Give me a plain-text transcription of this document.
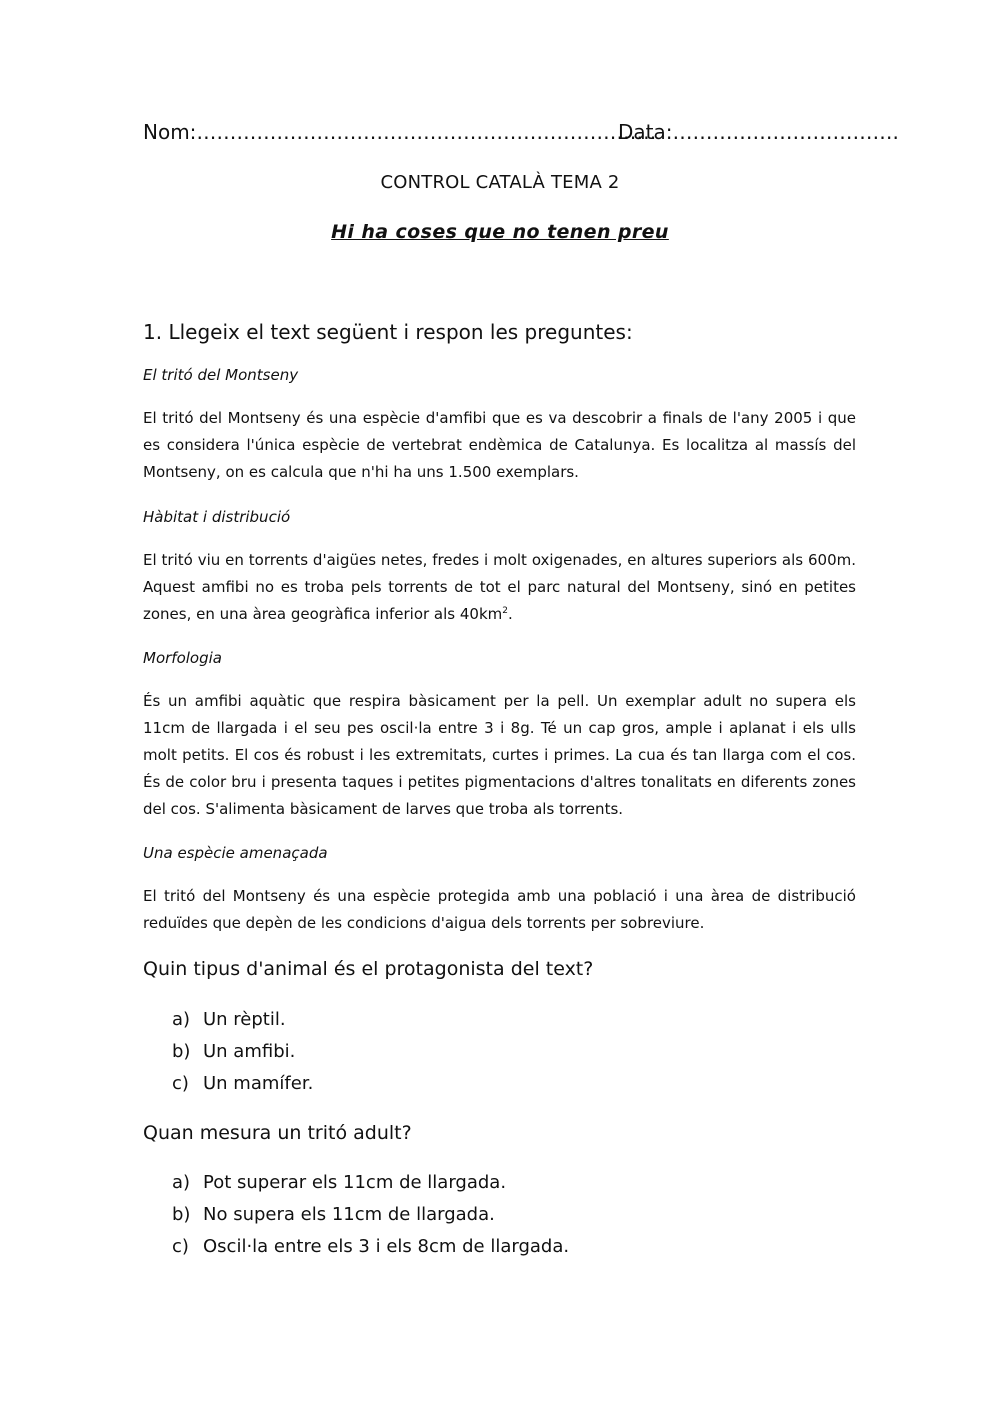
Nom:……………………………………………………………
Data:…………………………….
CONTROL CATALÀ TEMA 2
Hi ha coses que no tenen preu
1. Llegeix el text següent i respon les preguntes:
El tritó del Montseny
El tritó del Montseny és una espècie d'amfibi que es va descobrir a finals de l'any 2005 i que es considera l'única espècie de vertebrat endèmica de Catalunya. Es localitza al massís del Montseny, on es calcula que n'hi ha uns 1.500 exemplars.
Hàbitat i distribució
El tritó viu en torrents d'aigües netes, fredes i molt oxigenades, en altures superiors als 600m. Aquest amfibi no es troba pels torrents de tot el parc natural del Montseny, sinó en petites zones, en una àrea geogràfica inferior als $40km^2$.
Morfologia
És un amfibi aquàtic que respira bàsicament per la pell. Un exemplar adult no supera els 11cm de llargada i el seu pes oscil·la entre 3 i 8g. Té un cap gros, ample i aplanat i els ulls molt petits. El cos és robust i les extremitats, curtes i primes. La cua és tan llarga com el cos. És de color bru i presenta taques i petites pigmentacions d'altres tonalitats en diferents zones del cos. S'alimenta bàsicament de larves que troba als torrents.
Una espècie amenaçada
El tritó del Montseny és una espècie protegida amb una població i una àrea de distribució reduïdes que depèn de les condicions d'aigua dels torrents per sobreviure.
Quin tipus d'animal és el protagonista del text?
a) Un rèptil.
b) Un amfibi.
c) Un mamífer.
Quan mesura un tritó adult?
a) Pot superar els 11cm de llargada.
b) No supera els 11cm de llargada.
c) Oscil·la entre els 3 i els 8cm de llargada.
